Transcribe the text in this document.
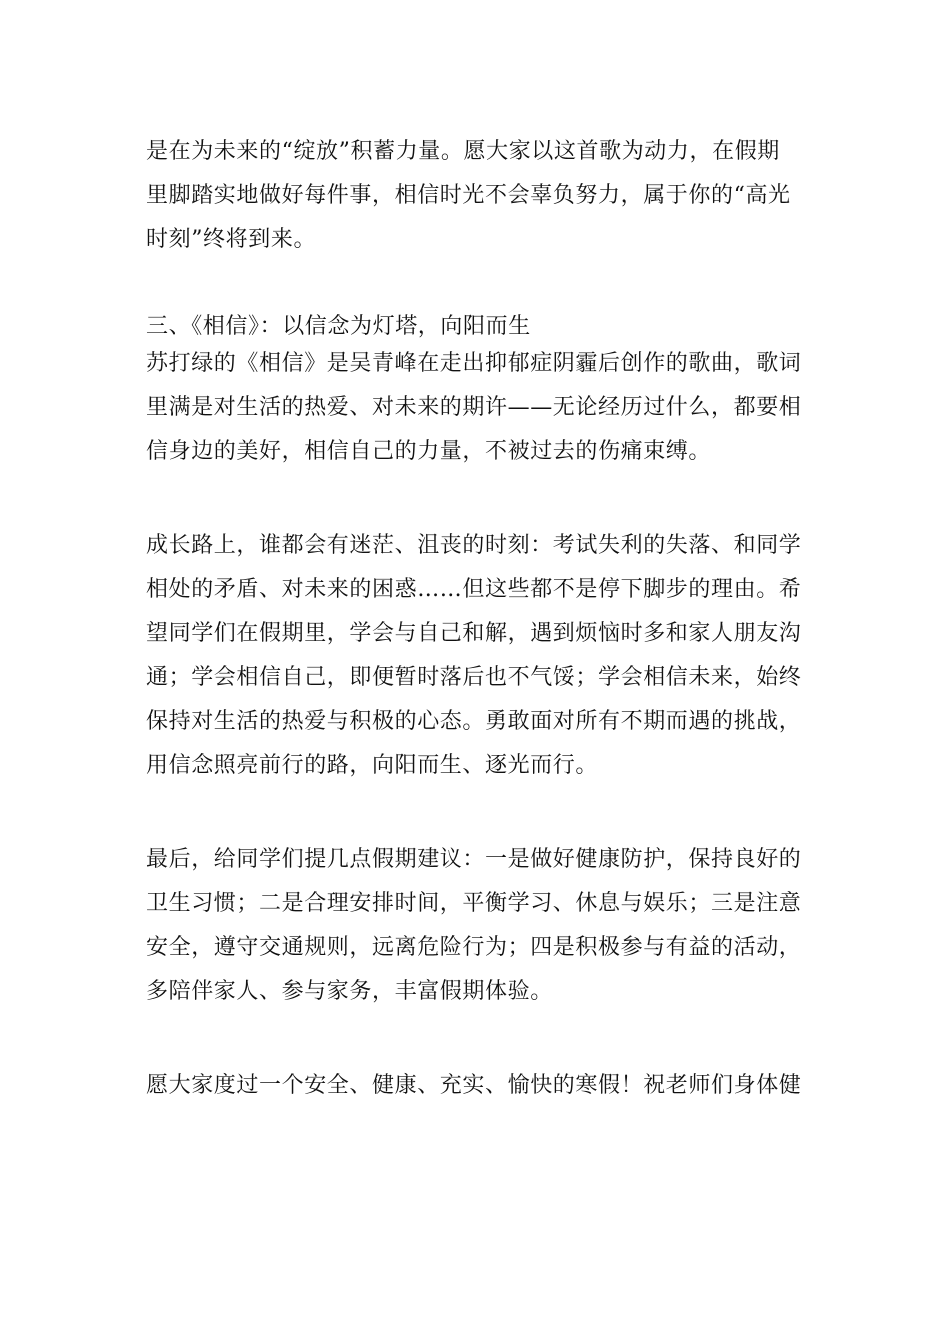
是在为未来的“绽放”积蓄力量。愿大家以这首歌为动力，在假期
里脚踏实地做好每件事，相信时光不会辜负努力，属于你的“高光
时刻”终将到来。
三、《相信》：以信念为灯塔，向阳而生
苏打绿的《相信》是吴青峰在走出抑郁症阴霾后创作的歌曲，歌词
里满是对生活的热爱、对未来的期许——无论经历过什么，都要相
信身边的美好，相信自己的力量，不被过去的伤痛束缚。
成长路上，谁都会有迷茫、沮丧的时刻：考试失利的失落、和同学
相处的矛盾、对未来的困惑……但这些都不是停下脚步的理由。希
望同学们在假期里，学会与自己和解，遇到烦恼时多和家人朋友沟
通；学会相信自己，即便暂时落后也不气馁；学会相信未来，始终
保持对生活的热爱与积极的心态。勇敢面对所有不期而遇的挑战，
用信念照亮前行的路，向阳而生、逐光而行。
最后，给同学们提几点假期建议：一是做好健康防护，保持良好的
卫生习惯；二是合理安排时间，平衡学习、休息与娱乐；三是注意
安全，遵守交通规则，远离危险行为；四是积极参与有益的活动，
多陪伴家人、参与家务，丰富假期体验。
愿大家度过一个安全、健康、充实、愉快的寒假！祝老师们身体健
